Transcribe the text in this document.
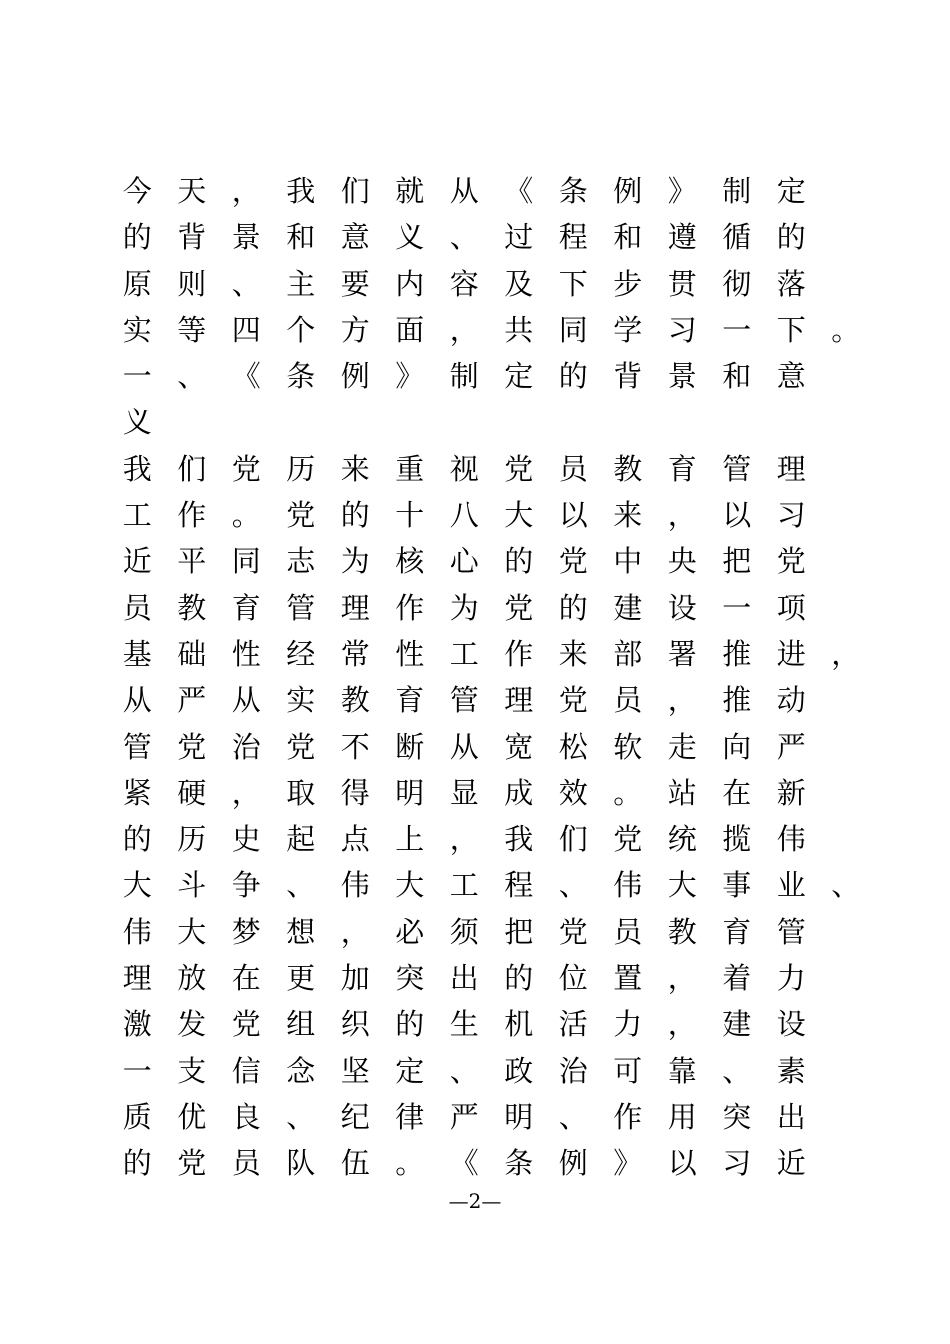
今 天 ， 我 们 就 从 《 条 例 》 制 定
的 背 景 和 意 义 、 过 程 和 遵 循 的
原 则 、 主 要 内 容 及 下 步 贯 彻 落
实 等 四 个 方 面 ， 共 同 学 习 一 下 。
一 、 《 条 例 》 制 定 的 背 景 和 意
义
我 们 党 历 来 重 视 党 员 教 育 管 理
工 作 。 党 的 十 八 大 以 来 ， 以 习
近 平 同 志 为 核 心 的 党 中 央 把 党
员 教 育 管 理 作 为 党 的 建 设 一 项
基 础 性 经 常 性 工 作 来 部 署 推 进 ，
从 严 从 实 教 育 管 理 党 员 ， 推 动
管 党 治 党 不 断 从 宽 松 软 走 向 严
紧 硬 ， 取 得 明 显 成 效 。 站 在 新
的 历 史 起 点 上 ， 我 们 党 统 揽 伟
大 斗 争 、 伟 大 工 程 、 伟 大 事 业 、
伟 大 梦 想 ， 必 须 把 党 员 教 育 管
理 放 在 更 加 突 出 的 位 置 ， 着 力
激 发 党 组 织 的 生 机 活 力 ， 建 设
一 支 信 念 坚 定 、 政 治 可 靠 、 素
质 优 良 、 纪 律 严 明 、 作 用 突 出
的 党 员 队 伍 。 《 条 例 》 以 习 近
—2—
